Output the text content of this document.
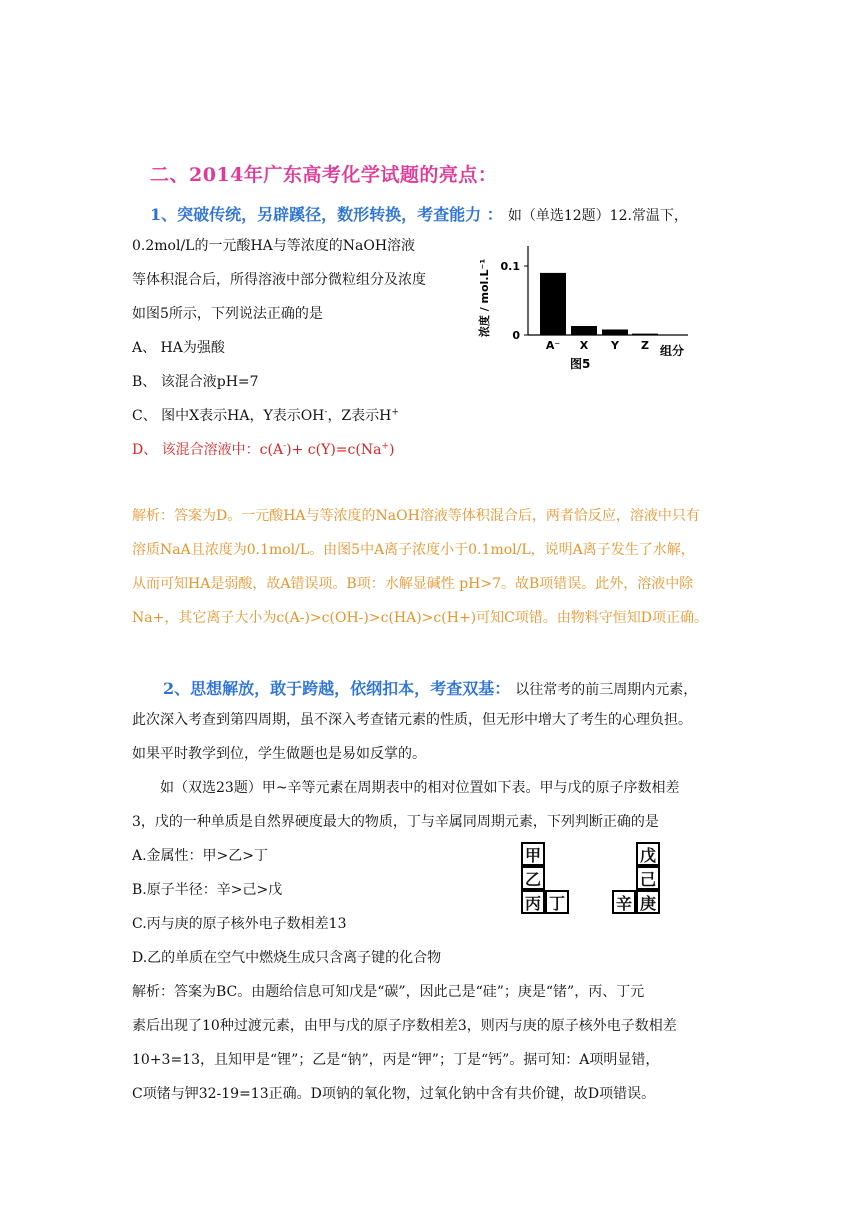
二、2014年广东高考化学试题的亮点：
1、突破传统，另辟蹊径，数形转换，考查能力 ： 如（单选12题）12.常温下，
0.2mol/L的一元酸HA与等浓度的NaOH溶液
等体积混合后，所得溶液中部分微粒组分及浓度
如图5所示，下列说法正确的是
A、 HA为强酸
B、 该混合液pH=7
C、 图中X表示HA，Y表示OH-，Z表示H+
D、 该混合溶液中：c(A-)+ c(Y)=c(Na+)
浓度 / mol.L⁻¹ 0
0.1
A⁻ X Y Z 组分
图5
解析：答案为D。一元酸HA与等浓度的NaOH溶液等体积混合后，两者恰反应，溶液中只有
溶质NaA且浓度为0.1mol/L。由图5中A离子浓度小于0.1mol/L，说明A离子发生了水解，
从而可知HA是弱酸，故A错误项。B项：水解显碱性 pH>7。故B项错误。此外，溶液中除
Na+，其它离子大小为c(A-)>c(OH-)>c(HA)>c(H+)可知C项错。由物料守恒知D项正确。
2、思想解放，敢于跨越，依纲扣本，考查双基： 以往常考的前三周期内元素，
此次深入考查到第四周期，虽不深入考查锗元素的性质，但无形中增大了考生的心理负担。
如果平时教学到位，学生做题也是易如反掌的。
如（双选23题）甲~辛等元素在周期表中的相对位置如下表。甲与戊的原子序数相差
3，戊的一种单质是自然界硬度最大的物质，丁与辛属同周期元素，下列判断正确的是
A.金属性：甲>乙>丁
B.原子半径：辛>己>戊
C.丙与庚的原子核外电子数相差13
D.乙的单质在空气中燃烧生成只含离子键的化合物
甲
乙
丙 丁
戊
己
辛 庚
解析：答案为BC。由题给信息可知戊是“碳”，因此己是“硅”；庚是“锗”，丙、丁元
素后出现了10种过渡元素，由甲与戊的原子序数相差3，则丙与庚的原子核外电子数相差
10+3=13，且知甲是“锂”；乙是“钠”，丙是“钾”；丁是“钙”。据可知：A项明显错，
C项锗与钾32-19=13正确。D项钠的氧化物，过氧化钠中含有共价键，故D项错误。
